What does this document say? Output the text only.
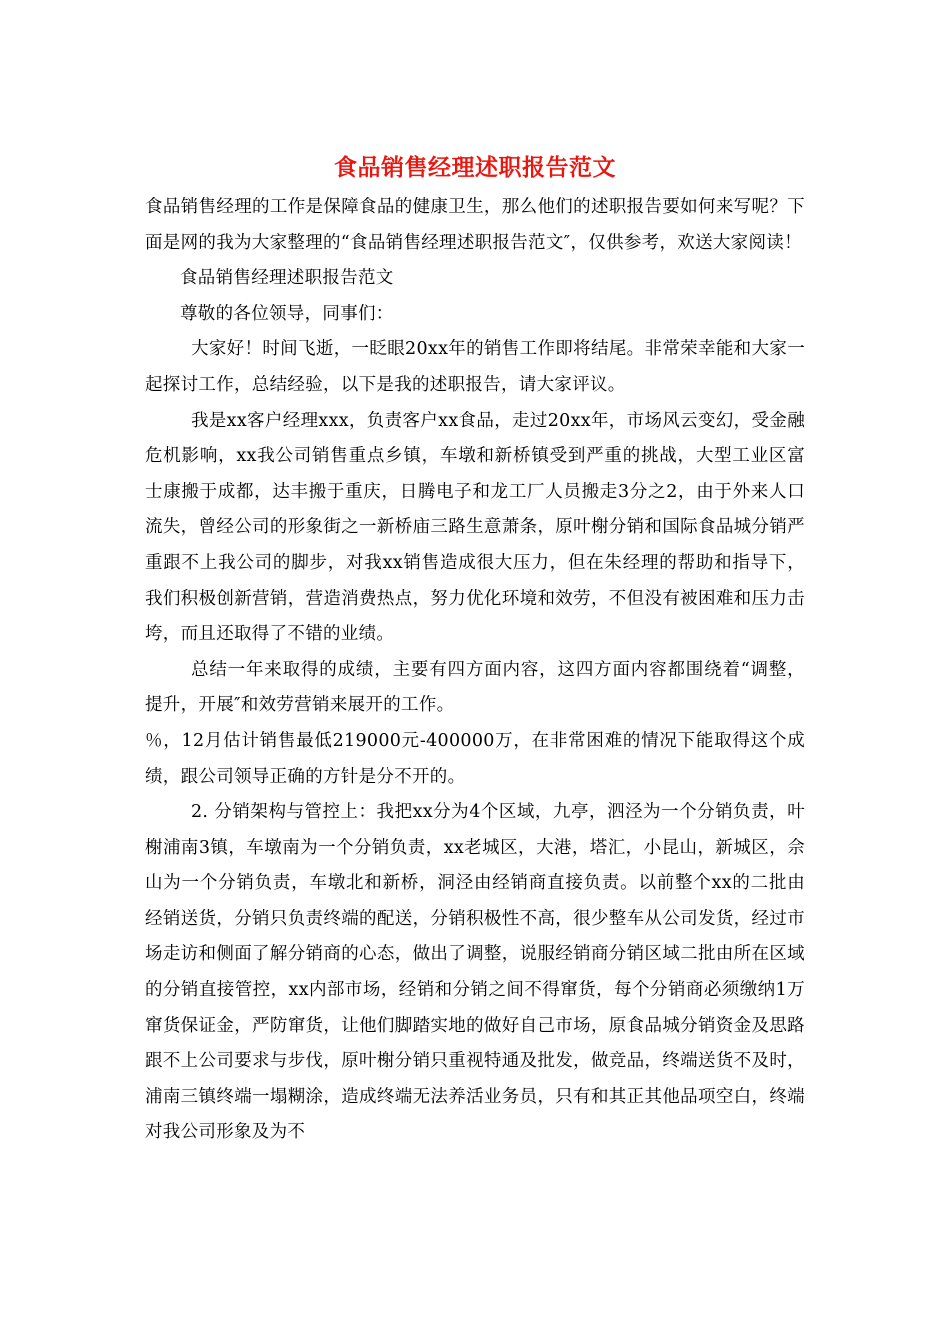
食品销售经理述职报告范文

食品销售经理的工作是保障食品的健康卫生，那么他们的述职报告要如何来写呢？下面是网的我为大家整理的“食品销售经理述职报告范文″，仅供参考，欢送大家阅读！

食品销售经理述职报告范文

尊敬的各位领导，同事们：

大家好！时间飞逝，一眨眼20xx年的销售工作即将结尾。非常荣幸能和大家一起探讨工作，总结经验，以下是我的述职报告，请大家评议。

我是xx客户经理xxx，负责客户xx食品，走过20xx年，市场风云变幻，受金融危机影响，xx我公司销售重点乡镇，车墩和新桥镇受到严重的挑战，大型工业区富士康搬于成都，达丰搬于重庆，日腾电子和龙工厂人员搬走3分之2，由于外来人口流失，曾经公司的形象街之一新桥庙三路生意萧条，原叶榭分销和国际食品城分销严重跟不上我公司的脚步，对我xx销售造成很大压力，但在朱经理的帮助和指导下，我们积极创新营销，营造消费热点，努力优化环境和效劳，不但没有被困难和压力击垮，而且还取得了不错的业绩。

总结一年来取得的成绩，主要有四方面内容，这四方面内容都围绕着“调整，提升，开展″和效劳营销来展开的工作。

％，12月估计销售最低219000元-400000万，在非常困难的情况下能取得这个成绩，跟公司领导正确的方针是分不开的。

2. 分销架构与管控上：我把xx分为4个区域，九亭，泗泾为一个分销负责，叶榭浦南3镇，车墩南为一个分销负责，xx老城区，大港，塔汇，小昆山，新城区，佘山为一个分销负责，车墩北和新桥，洞泾由经销商直接负责。以前整个xx的二批由经销送货，分销只负责终端的配送，分销积极性不高，很少整车从公司发货，经过市场走访和侧面了解分销商的心态，做出了调整，说服经销商分销区域二批由所在区域的分销直接管控，xx内部市场，经销和分销之间不得窜货，每个分销商必须缴纳1万窜货保证金，严防窜货，让他们脚踏实地的做好自己市场，原食品城分销资金及思路跟不上公司要求与步伐，原叶榭分销只重视特通及批发，做竞品，终端送货不及时，浦南三镇终端一塌糊涂，造成终端无法养活业务员，只有和其正其他品项空白，终端对我公司形象及为不
